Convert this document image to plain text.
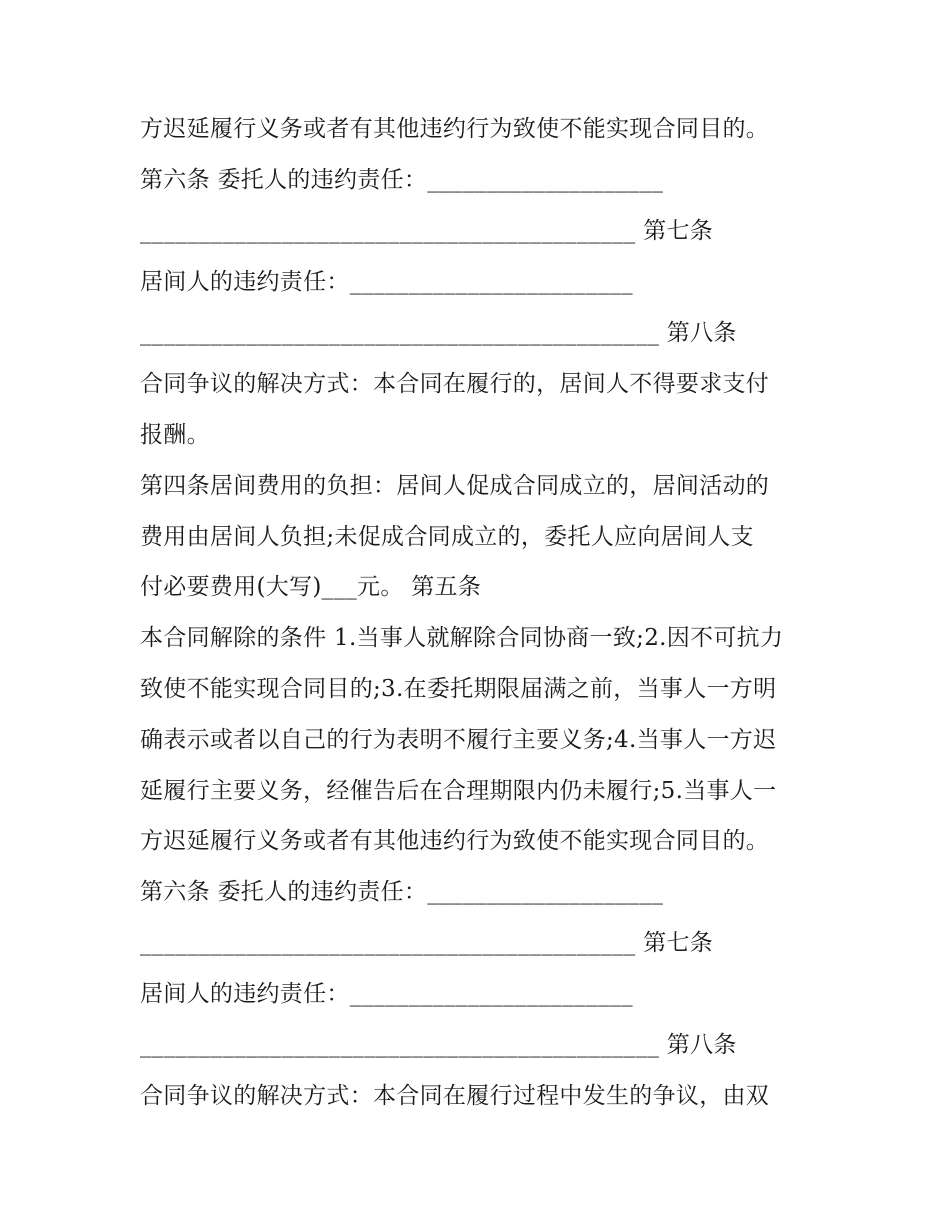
方迟延履行义务或者有其他违约行为致使不能实现合同目的。
第六条 委托人的违约责任：____________________
__________________________________________ 第七条
居间人的违约责任：________________________
____________________________________________ 第八条
合同争议的解决方式：本合同在履行的，居间人不得要求支付
报酬。
第四条居间费用的负担：居间人促成合同成立的，居间活动的
费用由居间人负担;未促成合同成立的，委托人应向居间人支
付必要费用(大写)___元。 第五条
本合同解除的条件 1.当事人就解除合同协商一致;2.因不可抗力
致使不能实现合同目的;3.在委托期限届满之前，当事人一方明
确表示或者以自己的行为表明不履行主要义务;4.当事人一方迟
延履行主要义务，经催告后在合理期限内仍未履行;5.当事人一
方迟延履行义务或者有其他违约行为致使不能实现合同目的。
第六条 委托人的违约责任：____________________
__________________________________________ 第七条
居间人的违约责任：________________________
____________________________________________ 第八条
合同争议的解决方式：本合同在履行过程中发生的争议，由双
